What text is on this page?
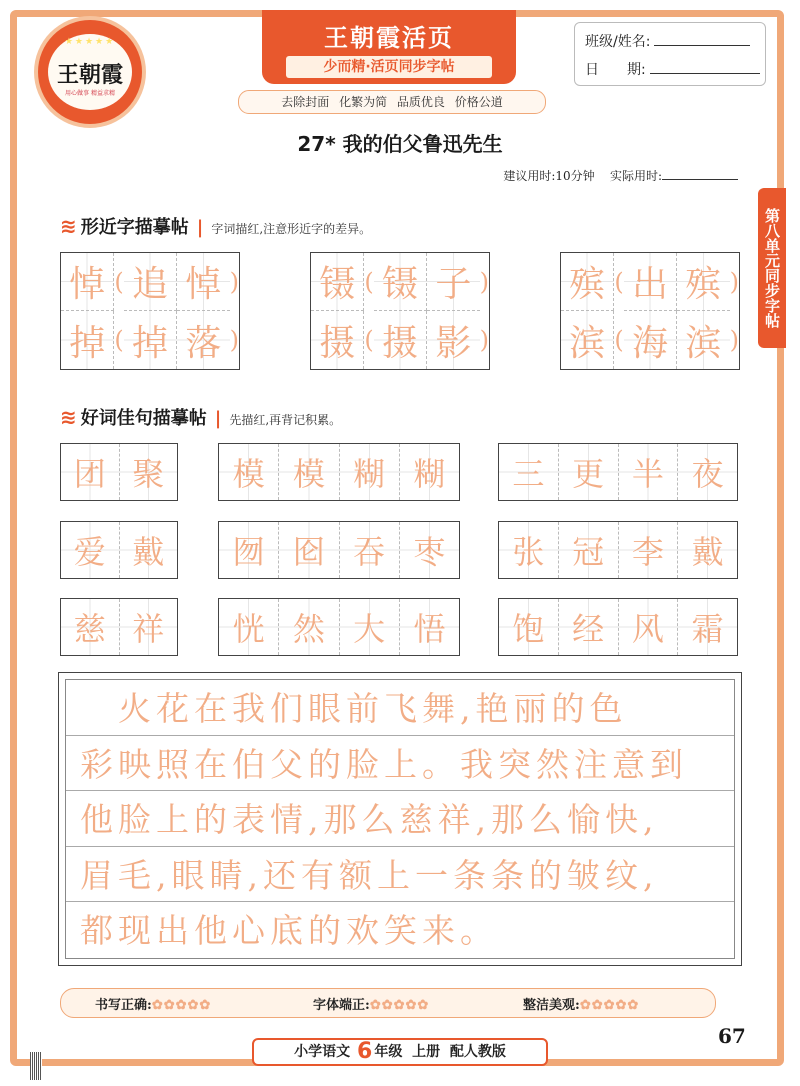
★★★★★
王朝霞
用心做事 精益求精
王朝霞活页
少而精·活页同步字帖
去除封面 化繁为简 品质优良 价格公道
班级/姓名:
日　　期:
27* 我的伯父鲁迅先生
建议用时:10分钟 实际用时:
第八单元同步字帖
≋ 形近字描摹帖 | 字词描红,注意形近字的差异。
悼 ( 追 悼 )
掉 ( 掉 落 )
镊 ( 镊 子 )
摄 ( 摄 影 )
殡 ( 出 殡 )
滨 ( 海 滨 )
≋ 好词佳句描摹帖 | 先描红,再背记积累。
团 聚	模 模 糊 糊	三 更 半 夜
爱 戴	囫 囵 吞 枣	张 冠 李 戴
慈 祥	恍 然 大 悟	饱 经 风 霜
　火花在我们眼前飞舞,艳丽的色
彩映照在伯父的脸上。我突然注意到
他脸上的表情,那么慈祥,那么愉快,
眉毛,眼睛,还有额上一条条的皱纹,
都现出他心底的欢笑来。
书写正确:✿✿✿✿✿	字体端正:✿✿✿✿✿	整洁美观:✿✿✿✿✿
67
小学语文 6 年级 上册 配人教版
